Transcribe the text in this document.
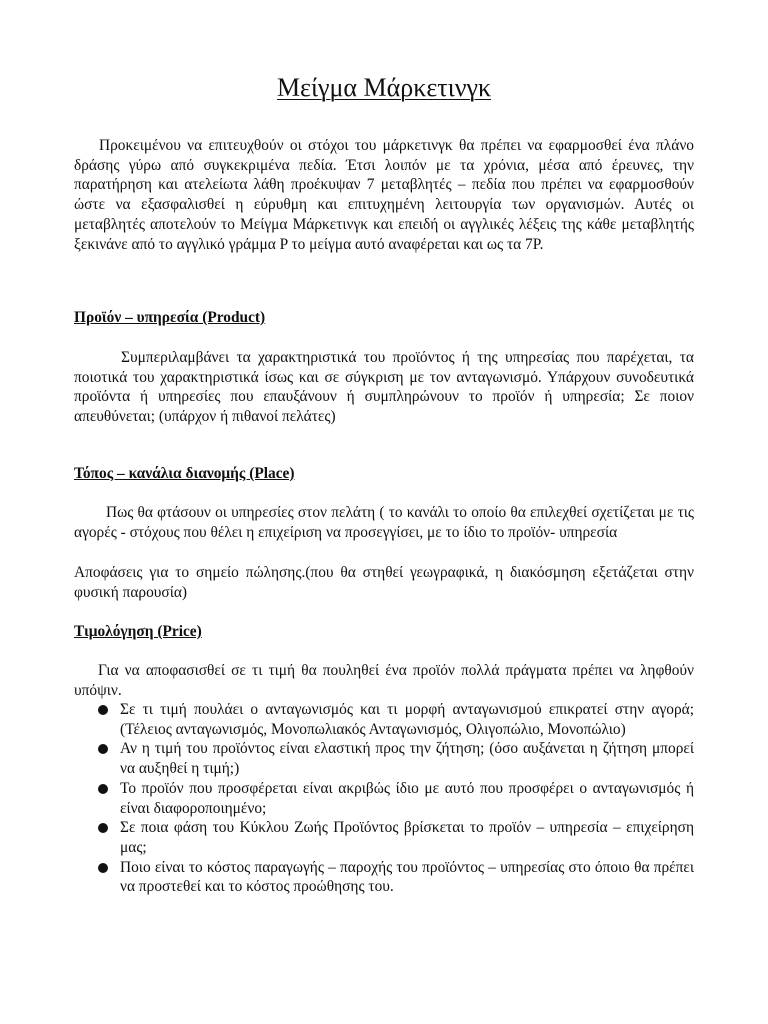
Μείγμα Μάρκετινγκ

Προκειμένου να επιτευχθούν οι στόχοι του μάρκετινγκ θα πρέπει να εφαρμοσθεί ένα πλάνο δράσης γύρω από συγκεκριμένα πεδία. Έτσι λοιπόν με τα χρόνια, μέσα από έρευνες, την παρατήρηση και ατελείωτα λάθη προέκυψαν 7 μεταβλητές – πεδία που πρέπει να εφαρμοσθούν ώστε να εξασφαλισθεί η εύρυθμη και επιτυχημένη λειτουργία των οργανισμών. Αυτές οι μεταβλητές αποτελούν το Μείγμα Μάρκετινγκ και επειδή οι αγγλικές λέξεις της κάθε μεταβλητής ξεκινάνε από το αγγλικό γράμμα P το μείγμα αυτό αναφέρεται και ως τα 7P.

Προϊόν – υπηρεσία (Product)

Συμπεριλαμβάνει τα χαρακτηριστικά του προϊόντος ή της υπηρεσίας που παρέχεται, τα ποιοτικά του χαρακτηριστικά ίσως και σε σύγκριση με τον ανταγωνισμό. Υπάρχουν συνοδευτικά προϊόντα ή υπηρεσίες που επαυξάνουν ή συμπληρώνουν το προϊόν ή υπηρεσία; Σε ποιον απευθύνεται; (υπάρχον ή πιθανοί πελάτες)

Τόπος – κανάλια διανομής (Place)

Πως θα φτάσουν οι υπηρεσίες στον πελάτη ( το κανάλι το οποίο θα επιλεχθεί σχετίζεται με τις αγορές - στόχους που θέλει η επιχείριση να προσεγγίσει, με το ίδιο το προϊόν- υπηρεσία

Αποφάσεις για το σημείο πώλησης.(που θα στηθεί γεωγραφικά, η διακόσμηση εξετάζεται στην φυσική παρουσία)

Τιμολόγηση (Price)

Για να αποφασισθεί σε τι τιμή θα πουληθεί ένα προϊόν πολλά πράγματα πρέπει να ληφθούν υπόψιν.

Σε τι τιμή πουλάει ο ανταγωνισμός και τι μορφή ανταγωνισμού επικρατεί στην αγορά; (Τέλειος ανταγωνισμός, Μονοπωλιακός Ανταγωνισμός, Ολιγοπώλιο, Μονοπώλιο)
Αν η τιμή του προϊόντος είναι ελαστική προς την ζήτηση; (όσο αυξάνεται η ζήτηση μπορεί να αυξηθεί η τιμή;)
Το προϊόν που προσφέρεται είναι ακριβώς ίδιο με αυτό που προσφέρει ο ανταγωνισμός ή είναι διαφοροποιημένο;
Σε ποια φάση του Κύκλου Ζωής Προϊόντος βρίσκεται το προϊόν – υπηρεσία – επιχείρηση μας;
Ποιο είναι το κόστος παραγωγής – παροχής του προϊόντος – υπηρεσίας στο όποιο θα πρέπει να προστεθεί και το κόστος προώθησης του.
